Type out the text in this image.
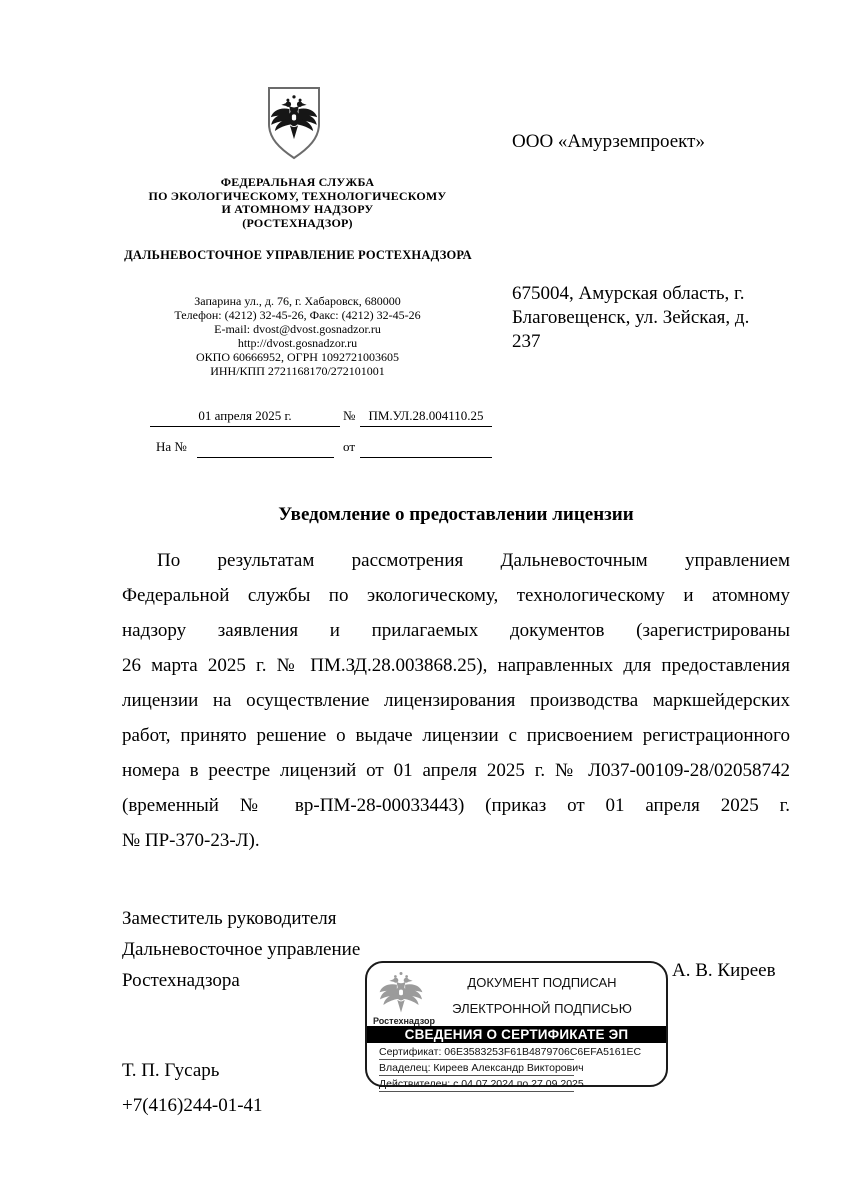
ФЕДЕРАЛЬНАЯ СЛУЖБА
ПО ЭКОЛОГИЧЕСКОМУ, ТЕХНОЛОГИЧЕСКОМУ
И АТОМНОМУ НАДЗОРУ
(РОСТЕХНАДЗОР)
ДАЛЬНЕВОСТОЧНОЕ УПРАВЛЕНИЕ РОСТЕХНАДЗОРА
Запарина ул., д. 76, г. Хабаровск, 680000
Телефон: (4212) 32-45-26, Факс: (4212) 32-45-26
E-mail: dvost@dvost.gosnadzor.ru
http://dvost.gosnadzor.ru
ОКПО 60666952, ОГРН 1092721003605
ИНН/КПП 2721168170/272101001
01 апреля 2025 г.	№	ПМ.УЛ.28.004110.25
На №	от
ООО «Амурземпроект»
675004, Амурская область, г.
Благовещенск, ул. Зейская, д.
237
Уведомление о предоставлении лицензии
По результатам рассмотрения Дальневосточным управлением
Федеральной службы по экологическому, технологическому и атомному
надзору заявления и прилагаемых документов (зарегистрированы
26 марта 2025 г. № ПМ.ЗД.28.003868.25), направленных для предоставления
лицензии на осуществление лицензирования производства маркшейдерских
работ, принято решение о выдаче лицензии с присвоением регистрационного
номера в реестре лицензий от 01 апреля 2025 г. № Л037-00109-28/02058742
(временный № вр-ПМ-28-00033443) (приказ от 01 апреля 2025 г.
№ ПР-370-23-Л).
Заместитель руководителя
Дальневосточное управление
Ростехнадзора	А. В. Киреев
Ростехнадзор
ДОКУМЕНТ ПОДПИСАН
ЭЛЕКТРОННОЙ ПОДПИСЬЮ
СВЕДЕНИЯ О СЕРТИФИКАТЕ ЭП
Сертификат: 06E3583253F61B4879706C6EFA5161EC
Владелец: Киреев Александр Викторович
Действителен: с 04.07.2024 по 27.09.2025
Т. П. Гусарь
+7(416)244-01-41
